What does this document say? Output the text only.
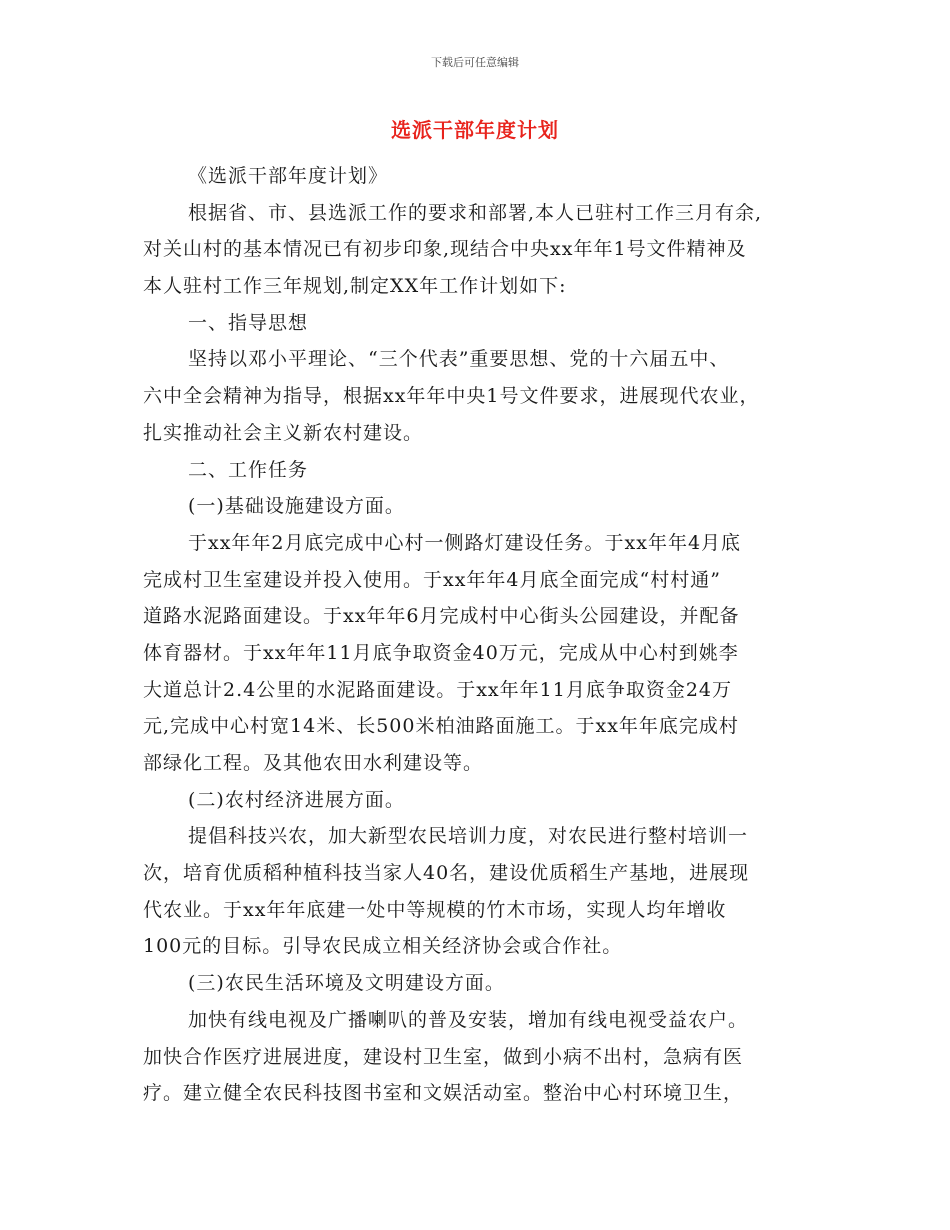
下载后可任意编辑
选派干部年度计划
《选派干部年度计划》
根据省、市、县选派工作的要求和部署,本人已驻村工作三月有余,
对关山村的基本情况已有初步印象,现结合中央xx年年1号文件精神及
本人驻村工作三年规划,制定XX年工作计划如下:
一、指导思想
坚持以邓小平理论、“三个代表”重要思想、党的十六届五中、
六中全会精神为指导，根据xx年年中央1号文件要求，进展现代农业，
扎实推动社会主义新农村建设。
二、工作任务
(一)基础设施建设方面。
于xx年年2月底完成中心村一侧路灯建设任务。于xx年年4月底
完成村卫生室建设并投入使用。于xx年年4月底全面完成“村村通”
道路水泥路面建设。于xx年年6月完成村中心街头公园建设，并配备
体育器材。于xx年年11月底争取资金40万元，完成从中心村到姚李
大道总计2.4公里的水泥路面建设。于xx年年11月底争取资金24万
元,完成中心村宽14米、长500米柏油路面施工。于xx年年底完成村
部绿化工程。及其他农田水利建设等。
(二)农村经济进展方面。
提倡科技兴农，加大新型农民培训力度，对农民进行整村培训一
次，培育优质稻种植科技当家人40名，建设优质稻生产基地，进展现
代农业。于xx年年底建一处中等规模的竹木市场，实现人均年增收
100元的目标。引导农民成立相关经济协会或合作社。
(三)农民生活环境及文明建设方面。
加快有线电视及广播喇叭的普及安装，增加有线电视受益农户。
加快合作医疗进展进度，建设村卫生室，做到小病不出村，急病有医
疗。建立健全农民科技图书室和文娱活动室。整治中心村环境卫生，
